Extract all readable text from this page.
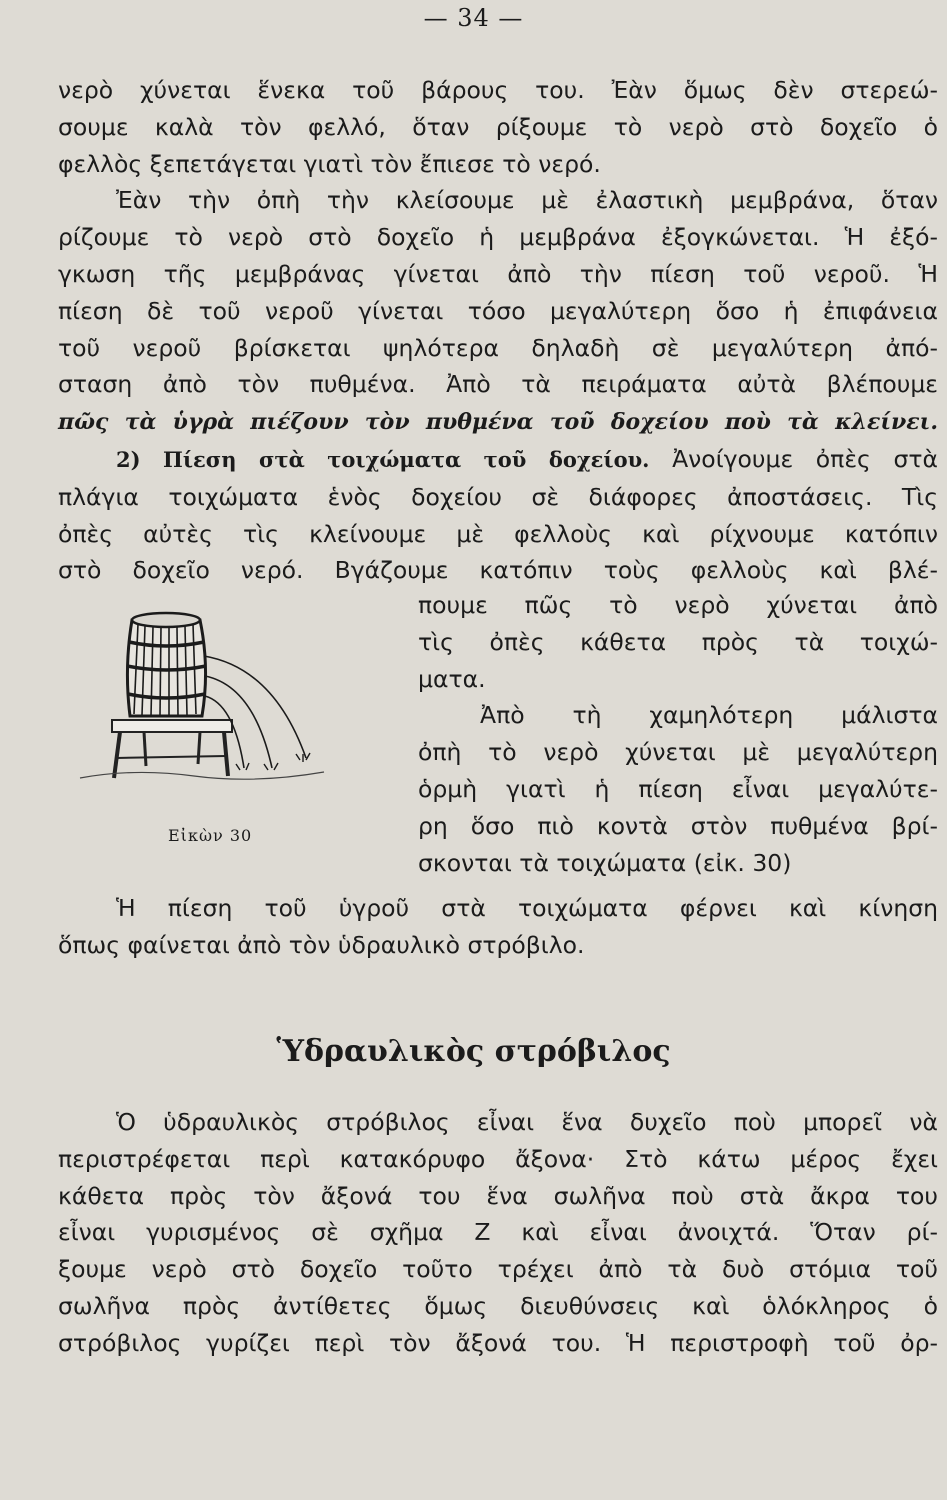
— 34 —

νερὸ χύνεται ἕνεκα τοῦ βάρους του. Ἐὰν ὅμως δὲν στερεώ-

σουμε καλὰ τὸν φελλό, ὅταν ρίξουμε τὸ νερὸ στὸ δοχεῖο ὁ

φελλὸς ξεπετάγεται γιατὶ τὸν ἔπιεσε τὸ νερό.

Ἐὰν τὴν ὀπὴ τὴν κλείσουμε μὲ ἐλαστικὴ μεμβράνα, ὅταν

ρίζουμε τὸ νερὸ στὸ δοχεῖο ἡ μεμβράνα ἐξογκώνεται. Ἡ ἐξό-

γκωση τῆς μεμβράνας γίνεται ἀπὸ τὴν πίεση τοῦ νεροῦ. Ἡ

πίεση δὲ τοῦ νεροῦ γίνεται τόσο μεγαλύτερη ὅσο ἡ ἐπιφάνεια

τοῦ νεροῦ βρίσκεται ψηλότερα δηλαδὴ σὲ μεγαλύτερη ἀπό-

σταση ἀπὸ τὸν πυθμένα. Ἀπὸ τὰ πειράματα αὐτὰ βλέπουμε

πῶς τὰ ὑγρὰ πιέζουν τὸν πυθμένα τοῦ δοχείου ποὺ τὰ κλείνει.

2) Πίεση στὰ τοιχώματα τοῦ δοχείου. Ἀνοίγουμε ὀπὲς στὰ

πλάγια τοιχώματα ἑνὸς δοχείου σὲ διάφορες ἀποστάσεις. Τὶς

ὀπὲς αὐτὲς τὶς κλείνουμε μὲ φελλοὺς καὶ ρίχνουμε κατόπιν

στὸ δοχεῖο νερό. Βγάζουμε κατόπιν τοὺς φελλοὺς καὶ βλέ-

Εἰκὼν 30

πουμε πῶς τὸ νερὸ χύνεται ἀπὸ

τὶς ὀπὲς κάθετα πρὸς τὰ τοιχώ-

ματα.

Ἀπὸ τὴ χαμηλότερη μάλιστα

ὀπὴ τὸ νερὸ χύνεται μὲ μεγαλύτερη

ὁρμὴ γιατὶ ἡ πίεση εἶναι μεγαλύτε-

ρη ὅσο πιὸ κοντὰ στὸν πυθμένα βρί-

σκονται τὰ τοιχώματα (εἰκ. 30)

Ἡ πίεση τοῦ ὑγροῦ στὰ τοιχώματα φέρνει καὶ κίνηση

ὅπως φαίνεται ἀπὸ τὸν ὑδραυλικὸ στρόβιλο.

Ὑδραυλικὸς στρόβιλος

Ὁ ὑδραυλικὸς στρόβιλος εἶναι ἕνα δυχεῖο ποὺ μπορεῖ νὰ

περιστρέφεται περὶ κατακόρυφο ἄξονα· Στὸ κάτω μέρος ἔχει

κάθετα πρὸς τὸν ἄξονά του ἕνα σωλῆνα ποὺ στὰ ἄκρα του

εἶναι γυρισμένος σὲ σχῆμα Ζ καὶ εἶναι ἀνοιχτά. Ὅταν ρί-

ξουμε νερὸ στὸ δοχεῖο τοῦτο τρέχει ἀπὸ τὰ δυὸ στόμια τοῦ

σωλῆνα πρὸς ἀντίθετες ὅμως διευθύνσεις καὶ ὁλόκληρος ὁ

στρόβιλος γυρίζει περὶ τὸν ἄξονά του. Ἡ περιστροφὴ τοῦ ὀρ-
